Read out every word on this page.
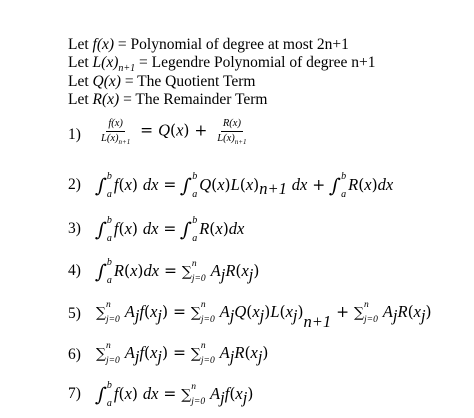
Let f(x) = Polynomial of degree at most 2n+1
Let $L(x)_{n+1}$ = Legendre Polynomial of degree n+1
Let Q(x) = The Quotient Term
Let R(x) = The Remainder Term
$1) \frac{f(x)}{L(x)_{n+1}} = Q(x) + \frac{R(x)}{L(x)_{n+1}}$
2) ∫ b
a
f(x) dx = ∫ b
a
$Q(x)L(x)_{n+1}$ dx + ∫ b
a
R(x)dx
3) ∫ b
a
f(x) dx = ∫ b
a
R(x)dx
4) ∫ b
a
R(x)dx = ∑ n
j=0 $A_jR(x_j)$
5) ∑ n
j=0 $A_jf(x_j)$ = ∑ n
j=0 $A_jQ(x_j)L(x_j)_{n+1}$ + ∑ n
j=0 $A_jR(x_j)$
6) ∑ n
j=0 $A_jf(x_j)$ = ∑ n
j=0 $A_jR(x_j)$
7) ∫ b
a
f(x) dx = ∑ n
j=0 $A_jf(x_j)$
